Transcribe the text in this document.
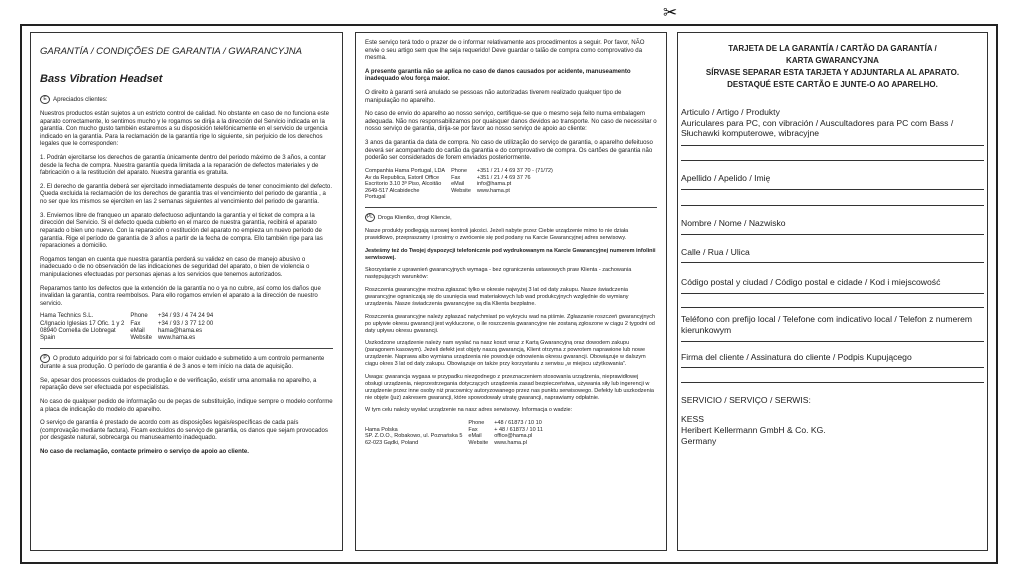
✂
GARANTÍA / CONDIÇÕES DE GARANTIA / GWARANCYJNA
Bass Vibration Headset

E Apreciados clientes:

Nuestros productos están sujetos a un estricto control de calidad. No obstante en caso de no funciona este aparato correctamente, lo sentimos mucho y le rogamos se dirija a la dirección del Servicio indicada en la garantía. Con mucho gusto también estaremos a su disposición telefónicamente en el servicio de urgencia indicado en la garantía. Para la reclamación de la garantía rige lo siguiente, sin perjuicio de los derechos legales que le corresponden:

1. Podrán ejercitarse los derechos de garantía únicamente dentro del periodo máximo de 3 años, a contar desde la fecha de compra. Nuestra garantía queda limitada a la reparación de defectos materiales y de fabricación o a la restitución del aparato. Nuestra garantía es gratuita.

2. El derecho de garantía deberá ser ejercitado inmediatamente después de tener conocimiento del defecto. Queda excluida la reclamación de los derechos de garantía tras el vencimiento del periodo de garantía , a no ser que los mismos se ejerciten en las 2 semanas siguientes al vencimiento del periodo de garantía.

3. Enviemos libre de franqueo un aparato defectuoso adjuntando la garantía y el ticket de compra a la dirección del Servicio. Si el defecto queda cubierto en el marco de nuestra garantía, recibirá el aparato reparado o bien uno nuevo. Con la reparación o restitución del aparato no empieza un nuevo período de garantía. Rige el período de garantía de 3 años a partir de la fecha de compra. Ello también rige para las reparaciones a domicilio.

Rogamos tengan en cuenta que nuestra garantía perderá su validez en caso de manejo abusivo o inadecuado o de no observación de las indicaciones de seguridad del aparato, o bien de violencia o manipulaciones efectuadas por personas ajenas a los servicios que tenemos autorizados.

Reparamos tanto los defectos que la extención de la garantía no o ya no cubre, así como los daños que invalidan la garantía, contra reembolsos. Para ello rogamos envíen el aparato a la dirección de nuestro servicio.

Hama Technics S.L.	Phone	+34 / 93 / 4 74 24 94
C/Ignacio Iglesias 17 Ofic. 1 y 2	Fax	+34 / 93 / 3 77 12 00
08940 Cornella de Llobregat	eMail	hama@hama.es
Spain	Website	www.hama.es

P O produto adquirido por si foi fabricado com o maior cuidado e submetido a um controlo permanente durante a sua produção. O período de garantia é de 3 anos e tem início na data de aquisição.

Se, apesar dos processos cuidados de produção e de verificação, existir uma anomalia no aparelho, a reparação deve ser efectuada por especialistas.

No caso de qualquer pedido de informação ou de peças de substituição, indique sempre o modelo conforme a placa de indicação do modelo do aparelho.

O serviço de garantia é prestado de acordo com as disposições legais/específicas de cada país (comprovação mediante factura). Ficam excluídos do serviço de garantia, os danos que sejam provocados por desgaste natural, sobrecarga ou manuseamento inadequado.

No caso de reclamação, contacte primeiro o serviço de apoio ao cliente.

Este serviço terá todo o prazer de o informar relativamente aos procedimentos a seguir. Por favor, NÃO envie o seu artigo sem que lhe seja requerido! Deve guardar o talão de compra como comprovativo da mesma.

A presente garantia não se aplica no caso de danos causados por acidente, manuseamento inadequado e/ou força maior.

O direito à garanti será anulado se pessoas não autorizadas tiverem realizado qualquer tipo de manipulação no aparelho.

No caso de envio do aparelho ao nosso serviço, certifique-se que o mesmo seja feito numa embalagem adequada. Não nos responsabilizamos por quaisquer danos devidos ao transporte. No caso de necessitar o nosso serviço de garantia, dirija-se por favor ao nosso serviço de apoio ao cliente:

3 anos da garantia da data de compra. No caso de utilização do serviço de garantia, o aparelho defeituoso deverá ser acompanhado do cartão da garantia e do comprovativo de compra. Os cartões de garantia não poderão ser considerados de forem enviados posteriormente.

Companhia Hama Portugal, LDA	Phone	+351 / 21 / 4 69 37 70 - (71/72)
Av da Republica, Estoril Office	Fax	+351 / 21 / 4 69 37 76
Escritorio 3.10 3º Piso, Alcoitão	eMail	info@hama.pt
2649-517 Alcabideche	Website	www.hama.pt
Portugal		

PL Droga Klientko, drogi Kliencie,

Nasze produkty podlegają surowej kontroli jakości. Jeżeli nabyte przez Ciebie urządzenie mimo to nie działa prawidłowo, przepraszamy i prosimy o zwrócenie się pod podany na Karcie Gwarancyjnej adres serwisowy.

Jesteśmy też do Twojej dyspozycji telefonicznie pod wydrukowanym na Karcie Gwarancyjnej numerem infolinii serwisowej.

Skorzystanie z uprawnień gwarancyjnych wymaga - bez ograniczenia ustawowych praw Klienta - zachowania następujących warunków:

Roszczenia gwarancyjne można zgłaszać tylko w okresie najwyżej 3 lat od daty zakupu. Nasze świadczenia gwarancyjne ograniczają się do usunięcia wad materiałowych lub wad produkcyjnych względnie do wymiany urządzenia. Nasze świadczenia gwarancyjne są dla Klienta bezpłatne.

Roszczenia gwarancyjne należy zgłaszać natychmiast po wykryciu wad na piśmie. Zgłaszanie roszczeń gwarancyjnych po upływie okresu gwarancji jest wykluczone, o ile roszczenia gwarancyjne nie zostaną zgłoszone w ciągu 2 tygodni od daty upływu okresu gwarancji.

Uszkodzone urządzenie należy nam wysłać na nasz koszt wraz z Kartą Gwarancyjną oraz dowodem zakupu (paragonem kasowym). Jeżeli defekt jest objęty naszą gwarancją, Klient otrzyma z powrotem naprawione lub nowe urządzenie. Naprawa albo wymiana urządzenia nie powoduje odnowienia okresu gwarancji. Obowiązuje w dalszym ciągu okres 3 lat od daty zakupu. Obowiązuje on także przy korzystaniu z serwisu „w miejscu użytkowania”.

Uwaga: gwarancja wygasa w przypadku niezgodnego z przeznaczeniem stosowania urządzenia, nieprawidłowej obsługi urządzenia, nieprzestrzegania dotyczących urządzenia zasad bezpieczeństwa, używania siły lub ingerencji w urządzenie przez inne osoby niż pracownicy autoryzowanego przez nas punktu serwisowego. Defekty lub uszkodzenia nie objęte (już) zakresem gwarancji, które spowodowały utratę gwarancji, naprawiamy odpłatnie.

W tym celu należy wysłać urządzenie na nasz adres serwisowy. Informacja o wadzie:

	Phone	+48 / 61873 / 10 10
Hama Polska	Fax	+ 48 / 61873 / 10 11
SP. Z.O.O., Robakowo, ul. Poznańska 5	eMail	office@hama.pl
62-023 Gądki, Poland	Website	www.hama.pl
TARJETA DE LA GARANTÍA / CARTÃO DA GARANTÍA /
KARTA GWARANCYJNA
SÍRVASE SEPARAR ESTA TARJETA Y ADJUNTARLA AL APARATO.
DESTAQUÉ ESTE CARTÃO E JUNTE-O AO APARELHO.
Articulo / Artigo / Produkty
Auriculares para PC, con vibración / Auscultadores para PC com Bass / Słuchawki komputerowe, wibracyjne
Apellido / Apelido / Imię
Nombre / Nome / Nazwisko
Calle / Rua / Ulica
Código postal y ciudad / Código postal e cidade / Kod i miejscowość
Teléfono con prefijo local / Telefone com indicativo local / Telefon z numerem kierunkowym
Firma del cliente / Assinatura do cliente / Podpis Kupującego
SERVICIO / SERVIÇO / SERWIS:
KESS
Heribert Kellermann GmbH & Co. KG.
Germany
